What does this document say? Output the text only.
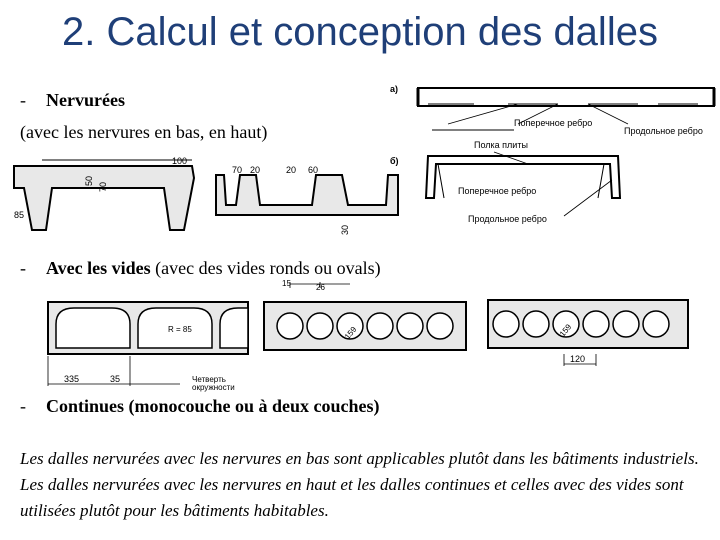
2. Calcul et conception des dalles
- Nervurées
(avec les nervures en bas, en haut)
100
50
70
85
70 20	20 60
30
a)
Поперечное ребро
Продольное ребро
б)
Полка плиты
Поперечное ребро
Продольное ребро
- Avec les vides (avec des vides ronds ou ovals)
R = 85
335	35	Четверть
окружности
15	26
159	159
120
- Continues (monocouche ou à deux couches)
Les dalles nervurées avec les nervures en bas sont applicables plutôt dans les bâtiments industriels. Les dalles nervurées avec les nervures en haut et les dalles continues et celles avec des vides sont utilisées plutôt pour les bâtiments habitables.
